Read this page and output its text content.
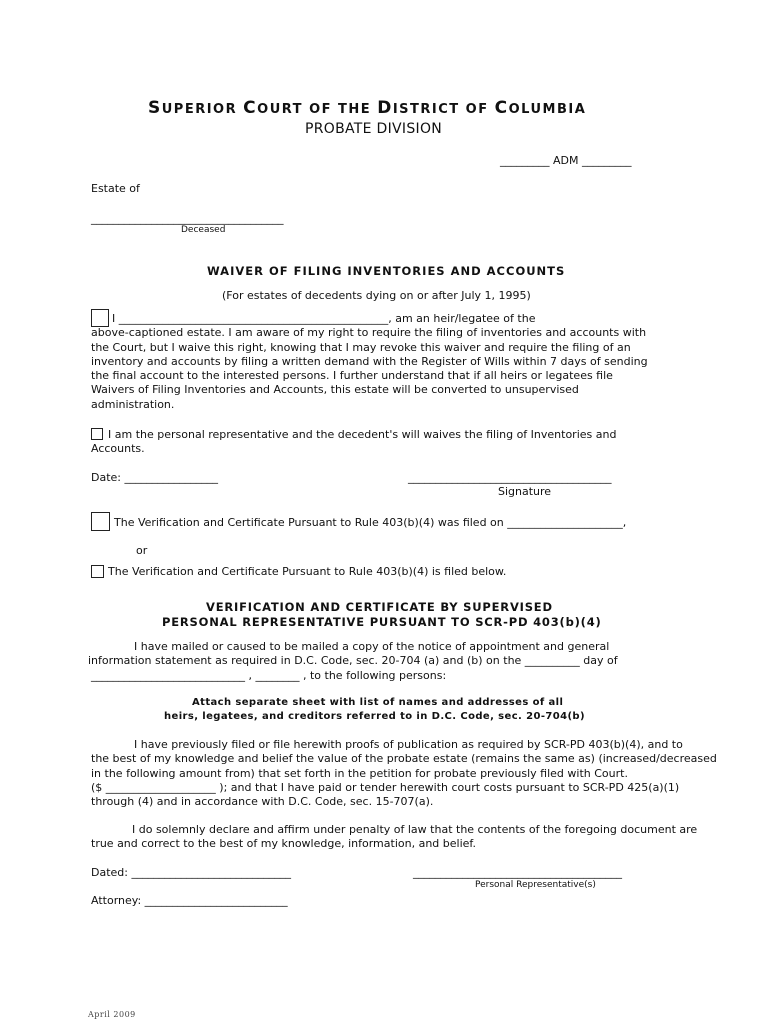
SUPERIOR COURT OF THE DISTRICT OF COLUMBIA
PROBATE DIVISION
_________ ADM _________
Estate of
___________________________________
Deceased
WAIVER OF FILING INVENTORIES AND ACCOUNTS
(For estates of decedents dying on or after July 1, 1995)
I _________________________________________________, am an heir/legatee of the
above-captioned estate. I am aware of my right to require the filing of inventories and accounts with
the Court, but I waive this right, knowing that I may revoke this waiver and require the filing of an
inventory and accounts by filing a written demand with the Register of Wills within 7 days of sending
the final account to the interested persons. I further understand that if all heirs or legatees file
Waivers of Filing Inventories and Accounts, this estate will be converted to unsupervised
administration.
I am the personal representative and the decedent's will waives the filing of Inventories and
Accounts.
Date: _________________	_____________________________________
Signature
The Verification and Certificate Pursuant to Rule 403(b)(4) was filed on _____________________,
or
The Verification and Certificate Pursuant to Rule 403(b)(4) is filed below.
VERIFICATION AND CERTIFICATE BY SUPERVISED
PERSONAL REPRESENTATIVE PURSUANT TO SCR-PD 403(b)(4)
I have mailed or caused to be mailed a copy of the notice of appointment and general
information statement as required in D.C. Code, sec. 20-704 (a) and (b) on the __________ day of
____________________________ , ________ , to the following persons:
Attach separate sheet with list of names and addresses of all
heirs, legatees, and creditors referred to in D.C. Code, sec. 20-704(b)
I have previously filed or file herewith proofs of publication as required by SCR-PD 403(b)(4), and to
the best of my knowledge and belief the value of the probate estate (remains the same as) (increased/decreased
in the following amount from) that set forth in the petition for probate previously filed with Court.
($ ____________________ ); and that I have paid or tender herewith court costs pursuant to SCR-PD 425(a)(1)
through (4) and in accordance with D.C. Code, sec. 15-707(a).
I do solemnly declare and affirm under penalty of law that the contents of the foregoing document are
true and correct to the best of my knowledge, information, and belief.
Dated: _____________________________	______________________________________
Personal Representative(s)
Attorney: __________________________
April 2009
